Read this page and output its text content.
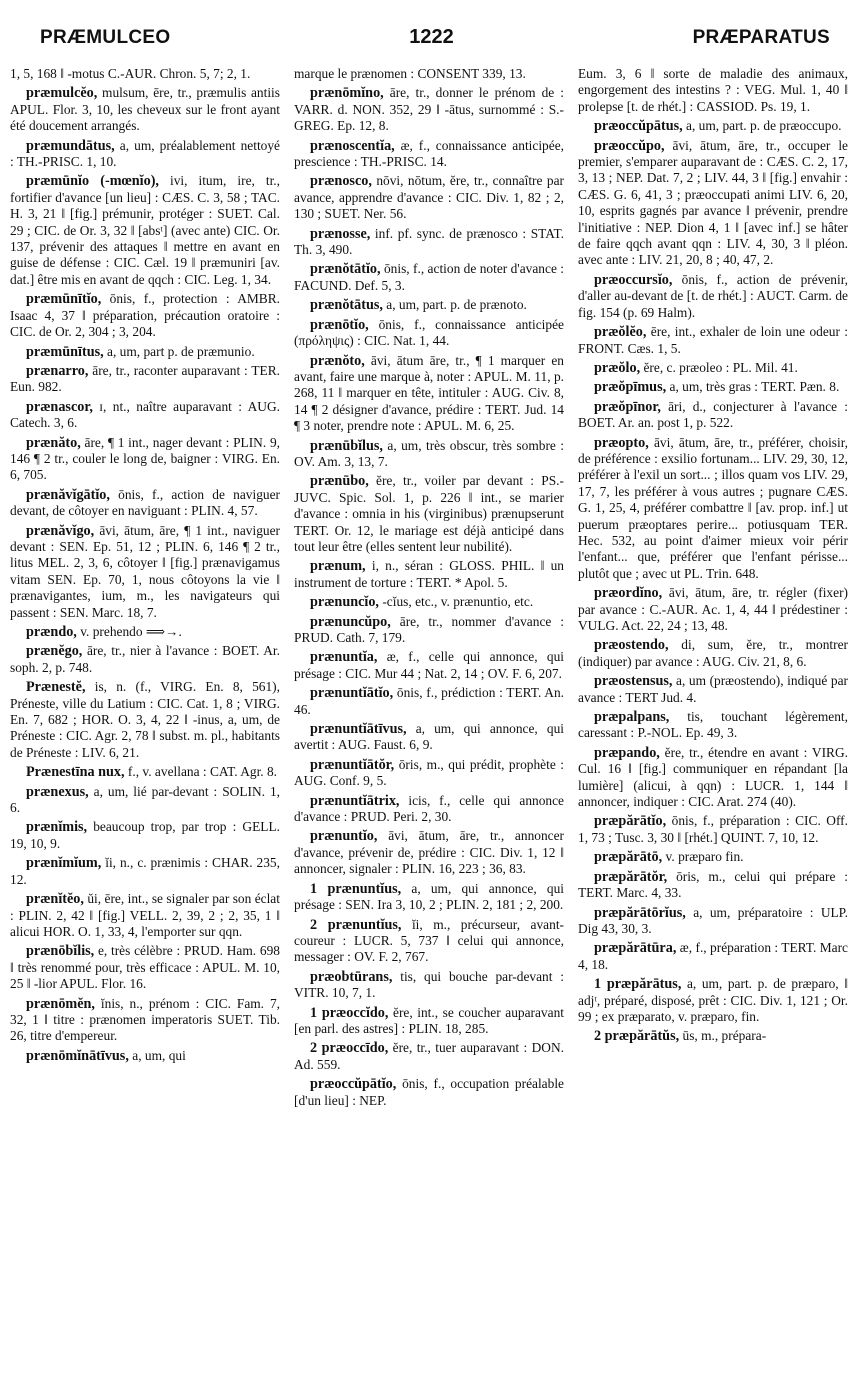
PRÆMULCEO	1222	PRÆPARATUS

1, 5, 168 ‖ -motus C.-AUR. Chron. 5, 7; 2, 1.

præmulcĕo, mulsum, ēre, tr., præmulis antiis APUL. Flor. 3, 10, les cheveux sur le front ayant été doucement arrangés.

præmundātus, a, um, préalablement nettoyé : TH.-PRISC. 1, 10.

præmūnĭo (-mœnĭo), ivi, itum, ire, tr., fortifier d'avance [un lieu] : CÆS. C. 3, 58 ; TAC. H. 3, 21 ‖ [fig.] prémunir, protéger : SUET. Cal. 29 ; CIC. de Or. 3, 32 ‖ [absᵗ] (avec ante) CIC. Or. 137, prévenir des attaques ‖ mettre en avant en guise de défense : CIC. Cæl. 19 ‖ præmuniri [av. dat.] être mis en avant de qqch : CIC. Leg. 1, 34.

præmūnītĭo, ōnis, f., protection : AMBR. Isaac 4, 37 ‖ préparation, précaution oratoire : CIC. de Or. 2, 304 ; 3, 204.

præmūnītus, a, um, part p. de præmunio.

prænarro, āre, tr., raconter auparavant : TER. Eun. 982.

prænascor, ɪ, nt., naître auparavant : AUG. Catech. 3, 6.

prænăto, āre, ¶ 1 int., nager devant : PLIN. 9, 146 ¶ 2 tr., couler le long de, baigner : VIRG. En. 6, 705.

prænăvĭgātĭo, ōnis, f., action de naviguer devant, de côtoyer en naviguant : PLIN. 4, 57.

prænăvĭgo, āvi, ātum, āre, ¶ 1 int., naviguer devant : SEN. Ep. 51, 12 ; PLIN. 6, 146 ¶ 2 tr., litus MEL. 2, 3, 6, côtoyer ‖ [fig.] prænavigamus vitam SEN. Ep. 70, 1, nous côtoyons la vie ‖ prænavigantes, ium, m., les navigateurs qui passent : SEN. Marc. 18, 7.

prændo, v. prehendo ⟹→.

prænĕgo, āre, tr., nier à l'avance : BOET. Ar. soph. 2, p. 748.

Prænestĕ, is, n. (f., VIRG. En. 8, 561), Préneste, ville du Latium : CIC. Cat. 1, 8 ; VIRG. En. 7, 682 ; HOR. O. 3, 4, 22 ‖ -inus, a, um, de Préneste : CIC. Agr. 2, 78 ‖ subst. m. pl., habitants de Préneste : LIV. 6, 21.

Prænestīna nux, f., v. avellana : CAT. Agr. 8.

prænexus, a, um, lié par-devant : SOLIN. 1, 6.

prænĭmis, beaucoup trop, par trop : GELL. 19, 10, 9.

prænĭmĭum, ĭi, n., c. prænimis : CHAR. 235, 12.

prænĭtĕo, ŭi, ēre, int., se signaler par son éclat : PLIN. 2, 42 ‖ [fig.] VELL. 2, 39, 2 ; 2, 35, 1 ‖ alicui HOR. O. 1, 33, 4, l'emporter sur qqn.

prænōbĭlis, e, très célèbre : PRUD. Ham. 698 ‖ très renommé pour, très efficace : APUL. M. 10, 25 ‖ -lior APUL. Flor. 16.

prænōmĕn, ĭnis, n., prénom : CIC. Fam. 7, 32, 1 ‖ titre : prænomen imperatoris SUET. Tib. 26, titre d'empereur.

prænōmĭnātīvus, a, um, qui

marque le prænomen : CONSENT 339, 13.

prænōmĭno, āre, tr., donner le prénom de : VARR. d. NON. 352, 29 ‖ -ātus, surnommé : S.-GREG. Ep. 12, 8.

prænoscentĭa, æ, f., connaissance anticipée, prescience : TH.-PRISC. 14.

prænosco, nōvi, nōtum, ĕre, tr., connaître par avance, apprendre d'avance : CIC. Div. 1, 82 ; 2, 130 ; SUET. Ner. 56.

prænosse, inf. pf. sync. de prænosco : STAT. Th. 3, 490.

prænŏtātĭo, ōnis, f., action de noter d'avance : FACUND. Def. 5, 3.

prænŏtātus, a, um, part. p. de prænoto.

prænōtĭo, ōnis, f., connaissance anticipée (πρόληψις) : CIC. Nat. 1, 44.

prænŏto, āvi, ātum āre, tr., ¶ 1 marquer en avant, faire une marque à, noter : APUL. M. 11, p. 268, 11 ‖ marquer en tête, intituler : AUG. Civ. 8, 14 ¶ 2 désigner d'avance, prédire : TERT. Jud. 14 ¶ 3 noter, prendre note : APUL. M. 6, 25.

prænūbĭlus, a, um, très obscur, très sombre : OV. Am. 3, 13, 7.

prænūbo, ĕre, tr., voiler par devant : PS.-JUVC. Spic. Sol. 1, p. 226 ‖ int., se marier d'avance : omnia in his (virginibus) prænupserunt TERT. Or. 12, le mariage est déjà anticipé dans tout leur être (elles sentent leur nubilité).

prænum, i, n., séran : GLOSS. PHIL. ‖ un instrument de torture : TERT. * Apol. 5.

prænuncĭo, -cĭus, etc., v. prænuntio, etc.

prænuncŭpo, āre, tr., nommer d'avance : PRUD. Cath. 7, 179.

prænuntĭa, æ, f., celle qui annonce, qui présage : CIC. Mur 44 ; Nat. 2, 14 ; OV. F. 6, 207.

prænuntĭātĭo, ōnis, f., prédiction : TERT. An. 46.

prænuntĭātīvus, a, um, qui annonce, qui avertit : AUG. Faust. 6, 9.

prænuntĭātŏr, ōris, m., qui prédit, prophète : AUG. Conf. 9, 5.

prænuntĭātrix, icis, f., celle qui annonce d'avance : PRUD. Peri. 2, 30.

prænuntĭo, āvi, ātum, āre, tr., annoncer d'avance, prévenir de, prédire : CIC. Div. 1, 12 ‖ annoncer, signaler : PLIN. 16, 223 ; 36, 83.

1 prænuntĭus, a, um, qui annonce, qui présage : SEN. Ira 3, 10, 2 ; PLIN. 2, 181 ; 2, 200.

2 prænuntĭus, ĭi, m., précurseur, avant-coureur : LUCR. 5, 737 ‖ celui qui annonce, messager : OV. F. 2, 767.

præobtūrans, tis, qui bouche par-devant : VITR. 10, 7, 1.

1 præoccĭdo, ĕre, int., se coucher auparavant [en parl. des astres] : PLIN. 18, 285.

2 præoccīdo, ĕre, tr., tuer auparavant : DON. Ad. 559.

præoccŭpātĭo, ōnis, f., occupation préalable [d'un lieu] : NEP.

Eum. 3, 6 ‖ sorte de maladie des animaux, engorgement des intestins ? : VEG. Mul. 1, 40 ‖ prolepse [t. de rhét.] : CASSIOD. Ps. 19, 1.

præoccŭpātus, a, um, part. p. de præoccupo.

præoccŭpo, āvi, ātum, āre, tr., occuper le premier, s'emparer auparavant de : CÆS. C. 2, 17, 3, 13 ; NEP. Dat. 7, 2 ; LIV. 44, 3 ‖ [fig.] envahir : CÆS. G. 6, 41, 3 ; præoccupati animi LIV. 6, 20, 10, esprits gagnés par avance ‖ prévenir, prendre l'initiative : NEP. Dion 4, 1 ‖ [avec inf.] se hâter de faire qqch avant qqn : LIV. 4, 30, 3 ‖ pléon. avec ante : LIV. 21, 20, 8 ; 40, 47, 2.

præoccursĭo, ōnis, f., action de prévenir, d'aller au-devant de [t. de rhét.] : AUCT. Carm. de fig. 154 (p. 69 Halm).

præŏlĕo, ēre, int., exhaler de loin une odeur : FRONT. Cæs. 1, 5.

præŏlo, ĕre, c. præoleo : PL. Mil. 41.

præŏpīmus, a, um, très gras : TERT. Pæn. 8.

præŏpīnor, āri, d., conjecturer à l'avance : BOET. Ar. an. post 1, p. 522.

præopto, āvi, ātum, āre, tr., préférer, choisir, de préférence : exsilio fortunam... LIV. 29, 30, 12, préférer à l'exil un sort... ; illos quam vos LIV. 29, 17, 7, les préférer à vous autres ; pugnare CÆS. G. 1, 25, 4, préférer combattre ‖ [av. prop. inf.] ut puerum præoptares perire... potiusquam TER. Hec. 532, au point d'aimer mieux voir périr l'enfant... que, préférer que l'enfant périsse... plutôt que ; avec ut PL. Trin. 648.

præordĭno, āvi, ātum, āre, tr. régler (fixer) par avance : C.-AUR. Ac. 1, 4, 44 ‖ prédestiner : VULG. Act. 22, 24 ; 13, 48.

præostendo, di, sum, ĕre, tr., montrer (indiquer) par avance : AUG. Civ. 21, 8, 6.

præostensus, a, um (præostendo), indiqué par avance : TERT Jud. 4.

præpalpans, tis, touchant légèrement, caressant : P.-NOL. Ep. 49, 3.

præpando, ĕre, tr., étendre en avant : VIRG. Cul. 16 ‖ [fig.] communiquer en répandant [la lumière] (alicui, à qqn) : LUCR. 1, 144 ‖ annoncer, indiquer : CIC. Arat. 274 (40).

præpărātĭo, ōnis, f., préparation : CIC. Off. 1, 73 ; Tusc. 3, 30 ‖ [rhét.] QUINT. 7, 10, 12.

præpărātō, v. præparo fin.

præpărātŏr, ōris, m., celui qui prépare : TERT. Marc. 4, 33.

præpărātōrĭus, a, um, préparatoire : ULP. Dig 43, 30, 3.

præpărātūra, æ, f., préparation : TERT. Marc 4, 18.

1 præpărātus, a, um, part. p. de præparo, ‖ adjᵗ, préparé, disposé, prêt : CIC. Div. 1, 121 ; Or. 99 ; ex præparato, v. præparo, fin.

2 præpărātŭs, ūs, m., prépara-
